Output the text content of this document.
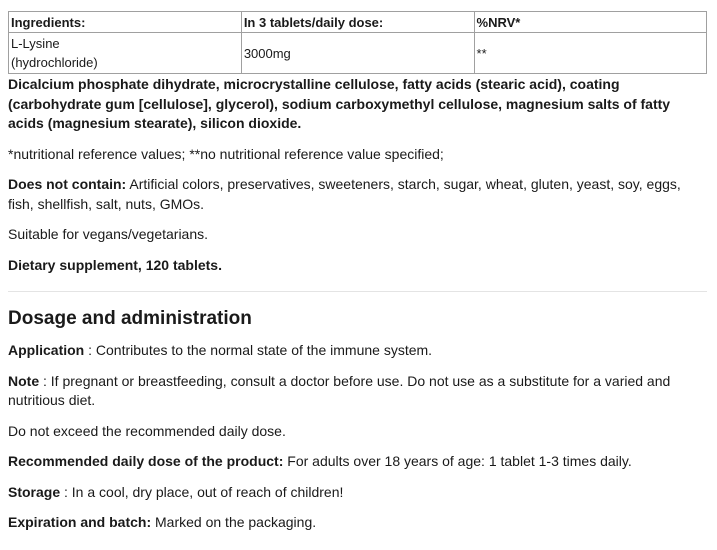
Ingredients:	In 3 tablets/daily dose:	%NRV*
L-Lysine
(hydrochloride)	3000mg	**

Dicalcium phosphate dihydrate, microcrystalline cellulose, fatty acids (stearic acid), coating (carbohydrate gum [cellulose], glycerol), sodium carboxymethyl cellulose, magnesium salts of fatty acids (magnesium stearate), silicon dioxide.

*nutritional reference values; **no nutritional reference value specified;

Does not contain: Artificial colors, preservatives, sweeteners, starch, sugar, wheat, gluten, yeast, soy, eggs, fish, shellfish, salt, nuts, GMOs.

Suitable for vegans/vegetarians.

Dietary supplement, 120 tablets.

Dosage and administration

Application : Contributes to the normal state of the immune system.

Note : If pregnant or breastfeeding, consult a doctor before use. Do not use as a substitute for a varied and nutritious diet.

Do not exceed the recommended daily dose.

Recommended daily dose of the product: For adults over 18 years of age: 1 tablet 1-3 times daily.

Storage : In a cool, dry place, out of reach of children!

Expiration and batch: Marked on the packaging.
